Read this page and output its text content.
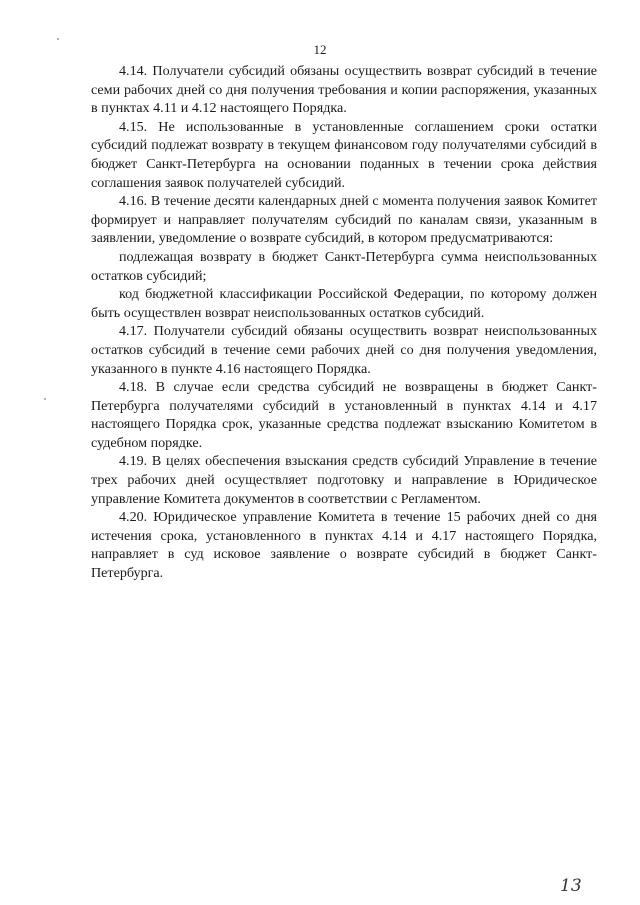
12

4.14. Получатели субсидий обязаны осуществить возврат субсидий в течение семи рабочих дней со дня получения требования и копии распоряжения, указанных в пунктах 4.11 и 4.12 настоящего Порядка.

4.15. Не использованные в установленные соглашением сроки остатки субсидий подлежат возврату в текущем финансовом году получателями субсидий в бюджет Санкт-Петербурга на основании поданных в течении срока действия соглашения заявок получателей субсидий.

4.16. В течение десяти календарных дней с момента получения заявок Комитет формирует и направляет получателям субсидий по каналам связи, указанным в заявлении, уведомление о возврате субсидий, в котором предусматриваются:

подлежащая возврату в бюджет Санкт-Петербурга сумма неиспользованных остатков субсидий;

код бюджетной классификации Российской Федерации, по которому должен быть осуществлен возврат неиспользованных остатков субсидий.

4.17. Получатели субсидий обязаны осуществить возврат неиспользованных остатков субсидий в течение семи рабочих дней со дня получения уведомления, указанного в пункте 4.16 настоящего Порядка.

4.18. В случае если средства субсидий не возвращены в бюджет Санкт-Петербурга получателями субсидий в установленный в пунктах 4.14 и 4.17 настоящего Порядка срок, указанные средства подлежат взысканию Комитетом в судебном порядке.

4.19. В целях обеспечения взыскания средств субсидий Управление в течение трех рабочих дней осуществляет подготовку и направление в Юридическое управление Комитета документов в соответствии с Регламентом.

4.20. Юридическое управление Комитета в течение 15 рабочих дней со дня истечения срока, установленного в пунктах 4.14 и 4.17 настоящего Порядка, направляет в суд исковое заявление о возврате субсидий в бюджет Санкт-Петербурга.

13
